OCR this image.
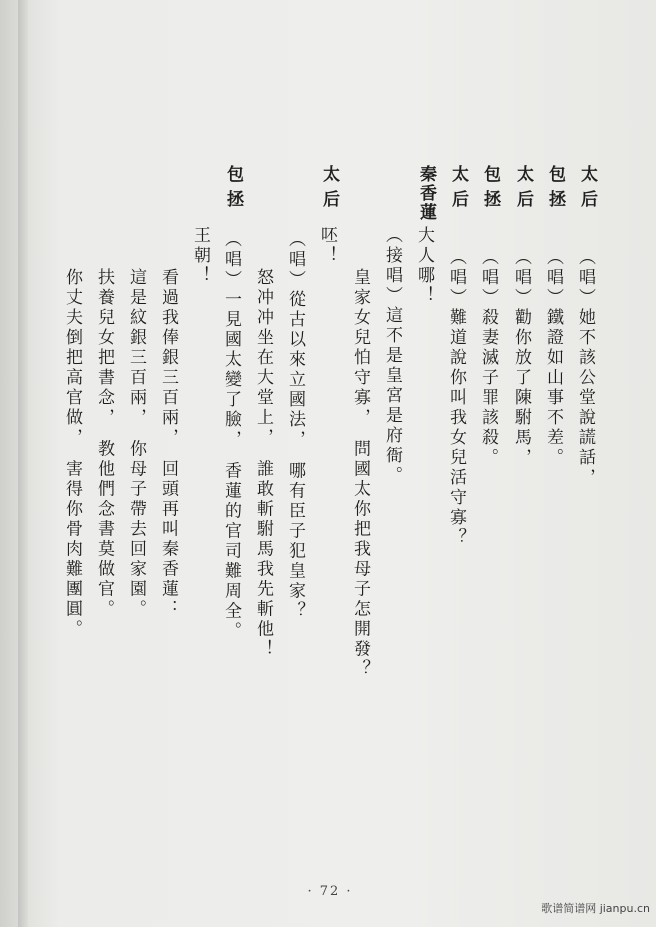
太后
（唱）她不該公堂說謊話，
包拯
（唱）鐵證如山事不差。
太后
（唱）勸你放了陳駙馬，
包拯
（唱）殺妻滅子罪該殺。
太后
（唱）難道說你叫我女兒活守寡？
秦香蓮
大人哪！
（接唱）這不是皇宮是府衙。
皇家女兒怕守寡，　問國太你把我母子怎開發？
太后
呸！
（唱）從古以來立國法，　哪有臣子犯皇家？
怒冲冲坐在大堂上，　誰敢斬駙馬我先斬他！
包拯
（唱）一見國太變了臉，　香蓮的官司難周全。
王朝！
看過我俸銀三百兩，　回頭再叫秦香蓮：
這是紋銀三百兩，　你母子帶去回家園。
扶養兒女把書念，　教他們念書莫做官。
你丈夫倒把高官做，　害得你骨肉難團圓。
· 72 ·
歌谱简谱网 jianpu.cn
